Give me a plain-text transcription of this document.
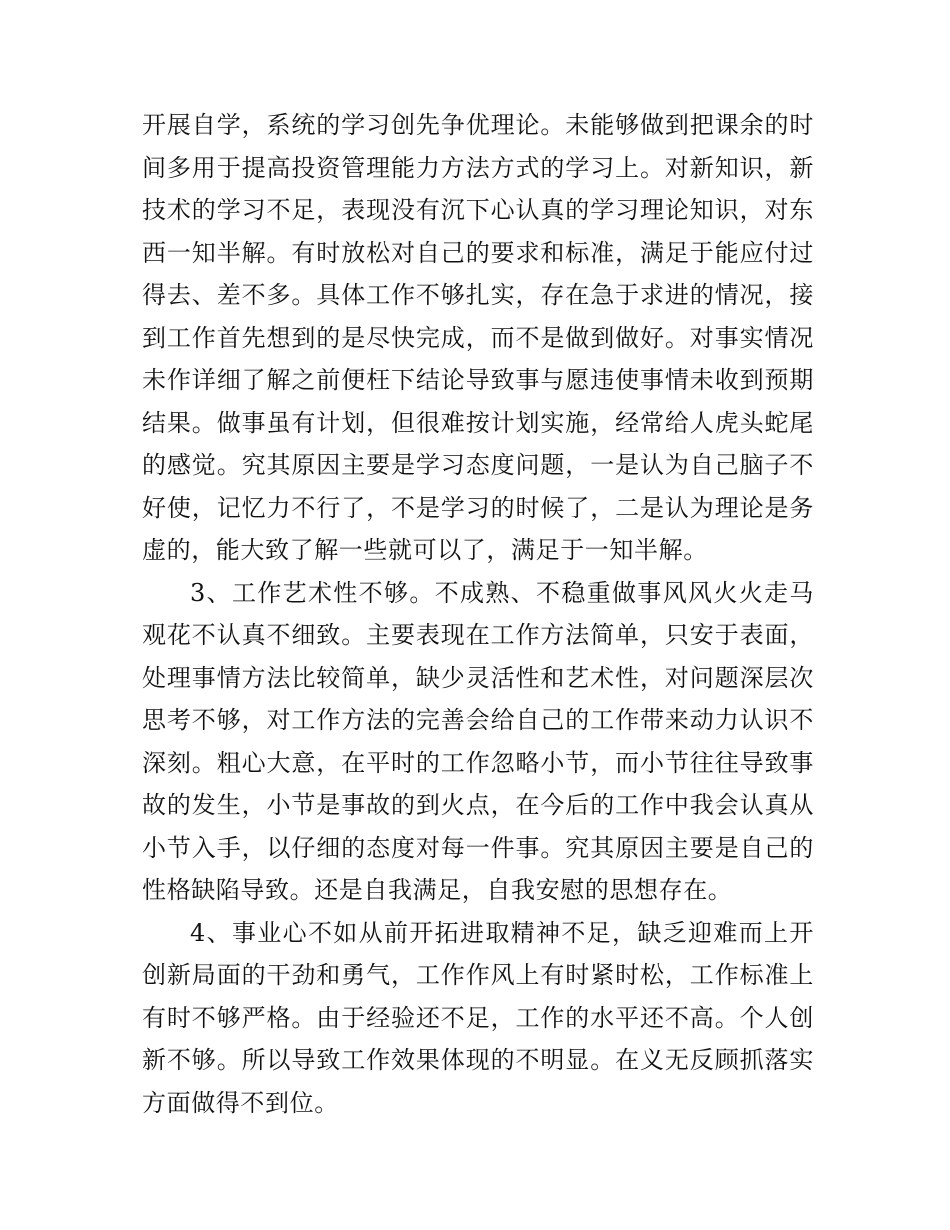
开展自学，系统的学习创先争优理论。未能够做到把课余的时间多用于提高投资管理能力方法方式的学习上。对新知识，新技术的学习不足，表现没有沉下心认真的学习理论知识，对东西一知半解。有时放松对自己的要求和标准，满足于能应付过得去、差不多。具体工作不够扎实，存在急于求进的情况，接到工作首先想到的是尽快完成，而不是做到做好。对事实情况未作详细了解之前便枉下结论导致事与愿违使事情未收到预期结果。做事虽有计划，但很难按计划实施，经常给人虎头蛇尾的感觉。究其原因主要是学习态度问题，一是认为自己脑子不好使，记忆力不行了，不是学习的时候了，二是认为理论是务虚的，能大致了解一些就可以了，满足于一知半解。

3、工作艺术性不够。不成熟、不稳重做事风风火火走马观花不认真不细致。主要表现在工作方法简单，只安于表面，处理事情方法比较简单，缺少灵活性和艺术性，对问题深层次思考不够，对工作方法的完善会给自己的工作带来动力认识不深刻。粗心大意，在平时的工作忽略小节，而小节往往导致事故的发生，小节是事故的到火点，在今后的工作中我会认真从小节入手，以仔细的态度对每一件事。究其原因主要是自己的性格缺陷导致。还是自我满足，自我安慰的思想存在。

4、事业心不如从前开拓进取精神不足，缺乏迎难而上开创新局面的干劲和勇气，工作作风上有时紧时松，工作标准上有时不够严格。由于经验还不足，工作的水平还不高。个人创新不够。所以导致工作效果体现的不明显。在义无反顾抓落实方面做得不到位。
